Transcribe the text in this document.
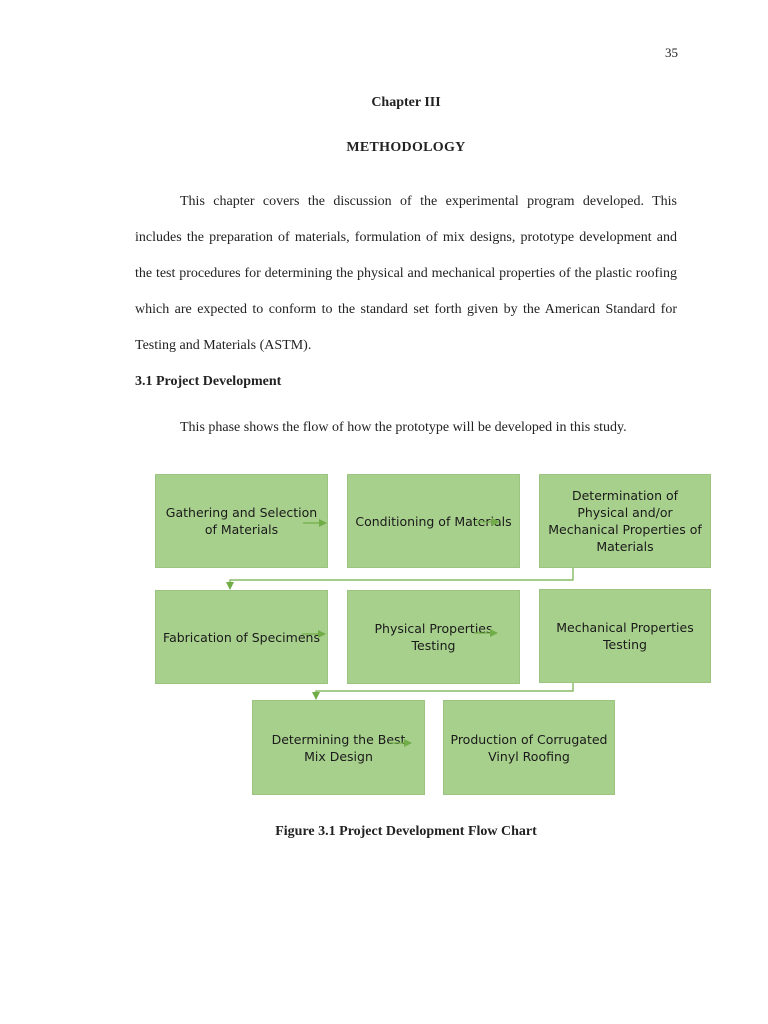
35
Chapter III
METHODOLOGY

This chapter covers the discussion of the experimental program developed. This includes the preparation of materials, formulation of mix designs, prototype development and the test procedures for determining the physical and mechanical properties of the plastic roofing which are expected to conform to the standard set forth given by the American Standard for Testing and Materials (ASTM).

3.1 Project Development

This phase shows the flow of how the prototype will be developed in this study.

Gathering and Selection of Materials
Conditioning of Materials
Determination of Physical and/or Mechanical Properties of Materials
Fabrication of Specimens
Physical Properties Testing
Mechanical Properties Testing
Determining the Best Mix Design
Production of Corrugated Vinyl Roofing
Figure 3.1 Project Development Flow Chart
